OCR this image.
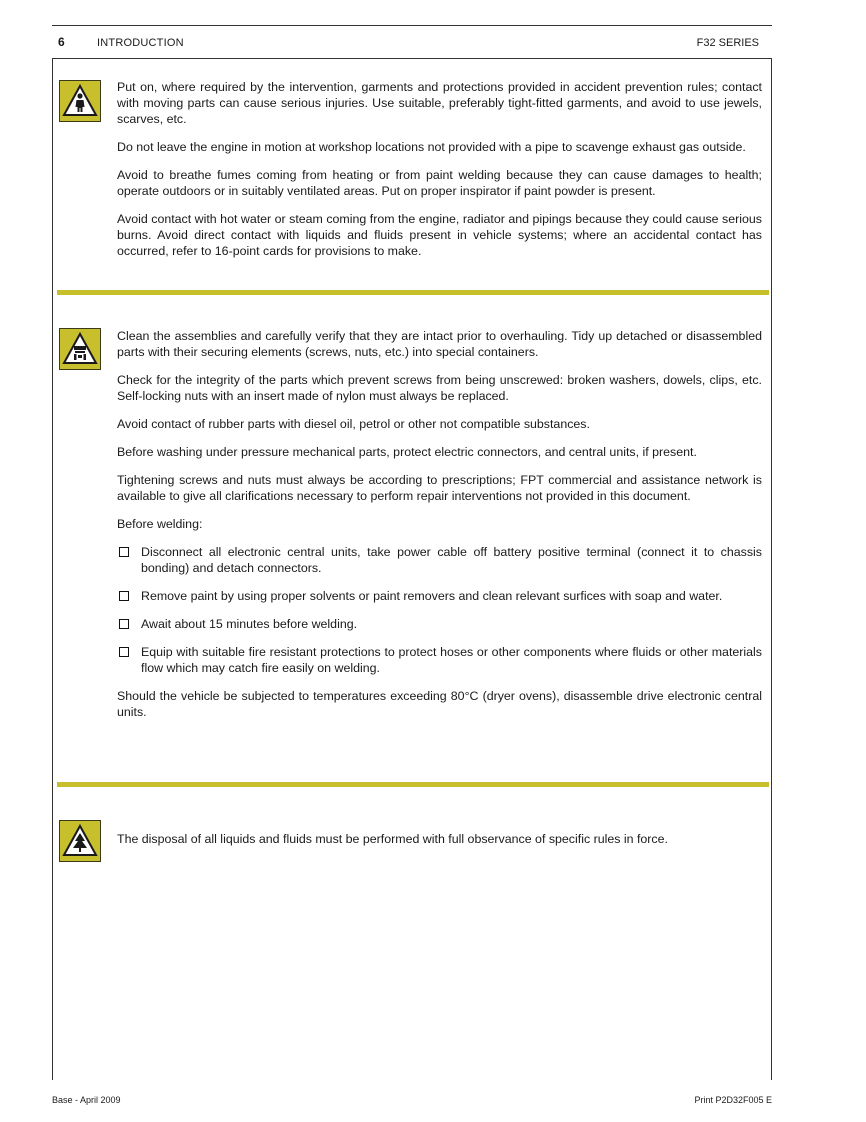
6	INTRODUCTION	F32 SERIES

Put on, where required by the intervention, garments and protections provided in accident prevention rules; contact with moving parts can cause serious injuries. Use suitable, preferably tight-fitted garments, and avoid to use jewels, scarves, etc.

Do not leave the engine in motion at workshop locations not provided with a pipe to scavenge exhaust gas outside.

Avoid to breathe fumes coming from heating or from paint welding because they can cause damages to health; operate outdoors or in suitably ventilated areas. Put on proper inspirator if paint powder is present.

Avoid contact with hot water or steam coming from the engine, radiator and pipings because they could cause serious burns. Avoid direct contact with liquids and fluids present in vehicle systems; where an accidental contact has occurred, refer to 16-point cards for provisions to make.

Clean the assemblies and carefully verify that they are intact prior to overhauling. Tidy up detached or disassembled parts with their securing elements (screws, nuts, etc.) into special containers.

Check for the integrity of the parts which prevent screws from being unscrewed: broken washers, dowels, clips, etc. Self-locking nuts with an insert made of nylon must always be replaced.

Avoid contact of rubber parts with diesel oil, petrol or other not compatible substances.

Before washing under pressure mechanical parts, protect electric connectors, and central units, if present.

Tightening screws and nuts must always be according to prescriptions; FPT commercial and assistance network is available to give all clarifications necessary to perform repair interventions not provided in this document.

Before welding:

Disconnect all electronic central units, take power cable off battery positive terminal (connect it to chassis bonding) and detach connectors.
Remove paint by using proper solvents or paint removers and clean relevant surfices with soap and water.
Await about 15 minutes before welding.
Equip with suitable fire resistant protections to protect hoses or other components where fluids or other materials flow which may catch fire easily on welding.

Should the vehicle be subjected to temperatures exceeding 80°C (dryer ovens), disassemble drive electronic central units.

The disposal of all liquids and fluids must be performed with full observance of specific rules in force.

Base - April 2009	Print P2D32F005 E
